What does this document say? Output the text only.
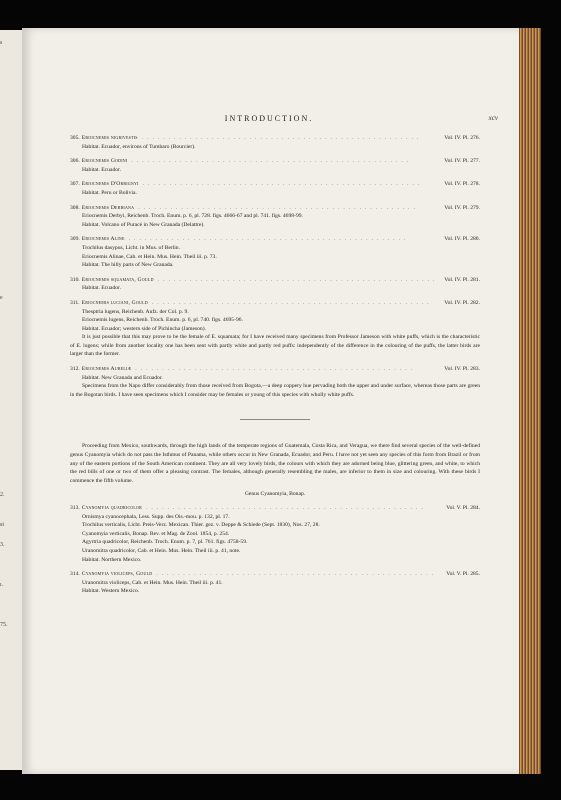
s
e
2.
st
3.
ı.
75.
INTRODUCTION.	xcv
305. Eriocnemis nigrivestis ....................................................	Vol. IV. Pl. 276.
Habitat. Ecuador, environs of Tumbaro (Bourcier).
306. Eriocnemis Godini ....................................................	Vol. IV. Pl. 277.
Habitat. Ecuador.
307. Eriocnemis D'Orbignyi ....................................................	Vol. IV. Pl. 278.
Habitat. Peru or Bolivia.
308. Eriocnemis Derbiana ....................................................	Vol. IV. Pl. 279.
Eriocnemis Derbyi, Reichenb. Troch. Enum. p. 6, pl. 728. figs. 4666-67 and pl. 741. figs. 4698-99.
Habitat. Volcano of Puracé in New Granada (Delattre).
309. Eriocnemis Aline ....................................................	Vol. IV. Pl. 280.
Trochilus dasypus, Licht. in Mus. of Berlin.
Eriocnemis Alinae, Cab. et Hein. Mus. Hein. Theil iii. p. 73.
Habitat. The hilly parts of New Granada.
310. Eriocnemis squamata, Gould ....................................................	Vol. IV. Pl. 281.
Habitat. Ecuador.
311. Eriocnemis luciani, Gould ....................................................	Vol. IV. Pl. 282.
Thesptria lugens, Reichenb. Aufz. der Col. p. 9.
Eriocnemis lugens, Reichenb. Troch. Enum. p. 6, pl. 740. figs. 4695-96.
Habitat. Ecuador; western side of Pichincha (Jameson).
It is just possible that this may prove to be the female of E. squamata; for I have received many specimens from Professor Jameson with white puffs, which is the characteristic of E. lugens; while from another locality one has been sent with partly white and partly red puffs: independently of the difference in the colouring of the puffs, the latter birds are larger than the former.
312. Eriocnemis Aureliæ ....................................................	Vol. IV. Pl. 283.
Habitat. New Granada and Ecuador.
Specimens from the Napo differ considerably from those received from Bogota,—a deep coppery hue pervading both the upper and under surface, whereas those parts are green in the Bogotan birds. I have seen specimens which I consider may be females or young of this species with wholly white puffs.
Proceeding from Mexico, southwards, through the high lands of the temperate regions of Guatemala, Costa Rica, and Veragua, we there find several species of the well-defined genus Cyanomyia which do not pass the Isthmus of Panama, while others occur in New Granada, Ecuador, and Peru. I have not yet seen any species of this form from Brazil or from any of the eastern portions of the South American continent. They are all very lovely birds, the colours with which they are adorned being blue, glittering green, and white, to which the red bills of one or two of them offer a pleasing contrast. The females, although generally resembling the males, are inferior to them in size and colouring. With these birds I commence the fifth volume.
Genus Cyanomyia, Bonap.
313. Cyanomyia quadricolor ....................................................	Vol. V. Pl. 284.
Ornismya cyanocephala, Less. Supp. des Ois.-mou. p. 132, pl. 17.
Trochilus verticalis, Licht. Preis-Verz. Mexican. Thier. gez. v. Deppe & Schiede (Sept. 1830), Nos. 27, 28.
Cyanomyia verticalis, Bonap. Rev. et Mag. de Zool. 1854, p. 254.
Agyrtria quadricolor, Reichenb. Troch. Enum. p. 7, pl. 761. figs. 4758-59.
Uranomitra quadricolor, Cab. et Hein. Mus. Hein. Theil iii. p. 41, note.
Habitat. Northern Mexico.
314. Cyanomyia violiceps, Gould ....................................................	Vol. V. Pl. 285.
Uranomitra violiceps, Cab. et Hein. Mus. Hein. Theil iii. p. 41.
Habitat. Western Mexico.
